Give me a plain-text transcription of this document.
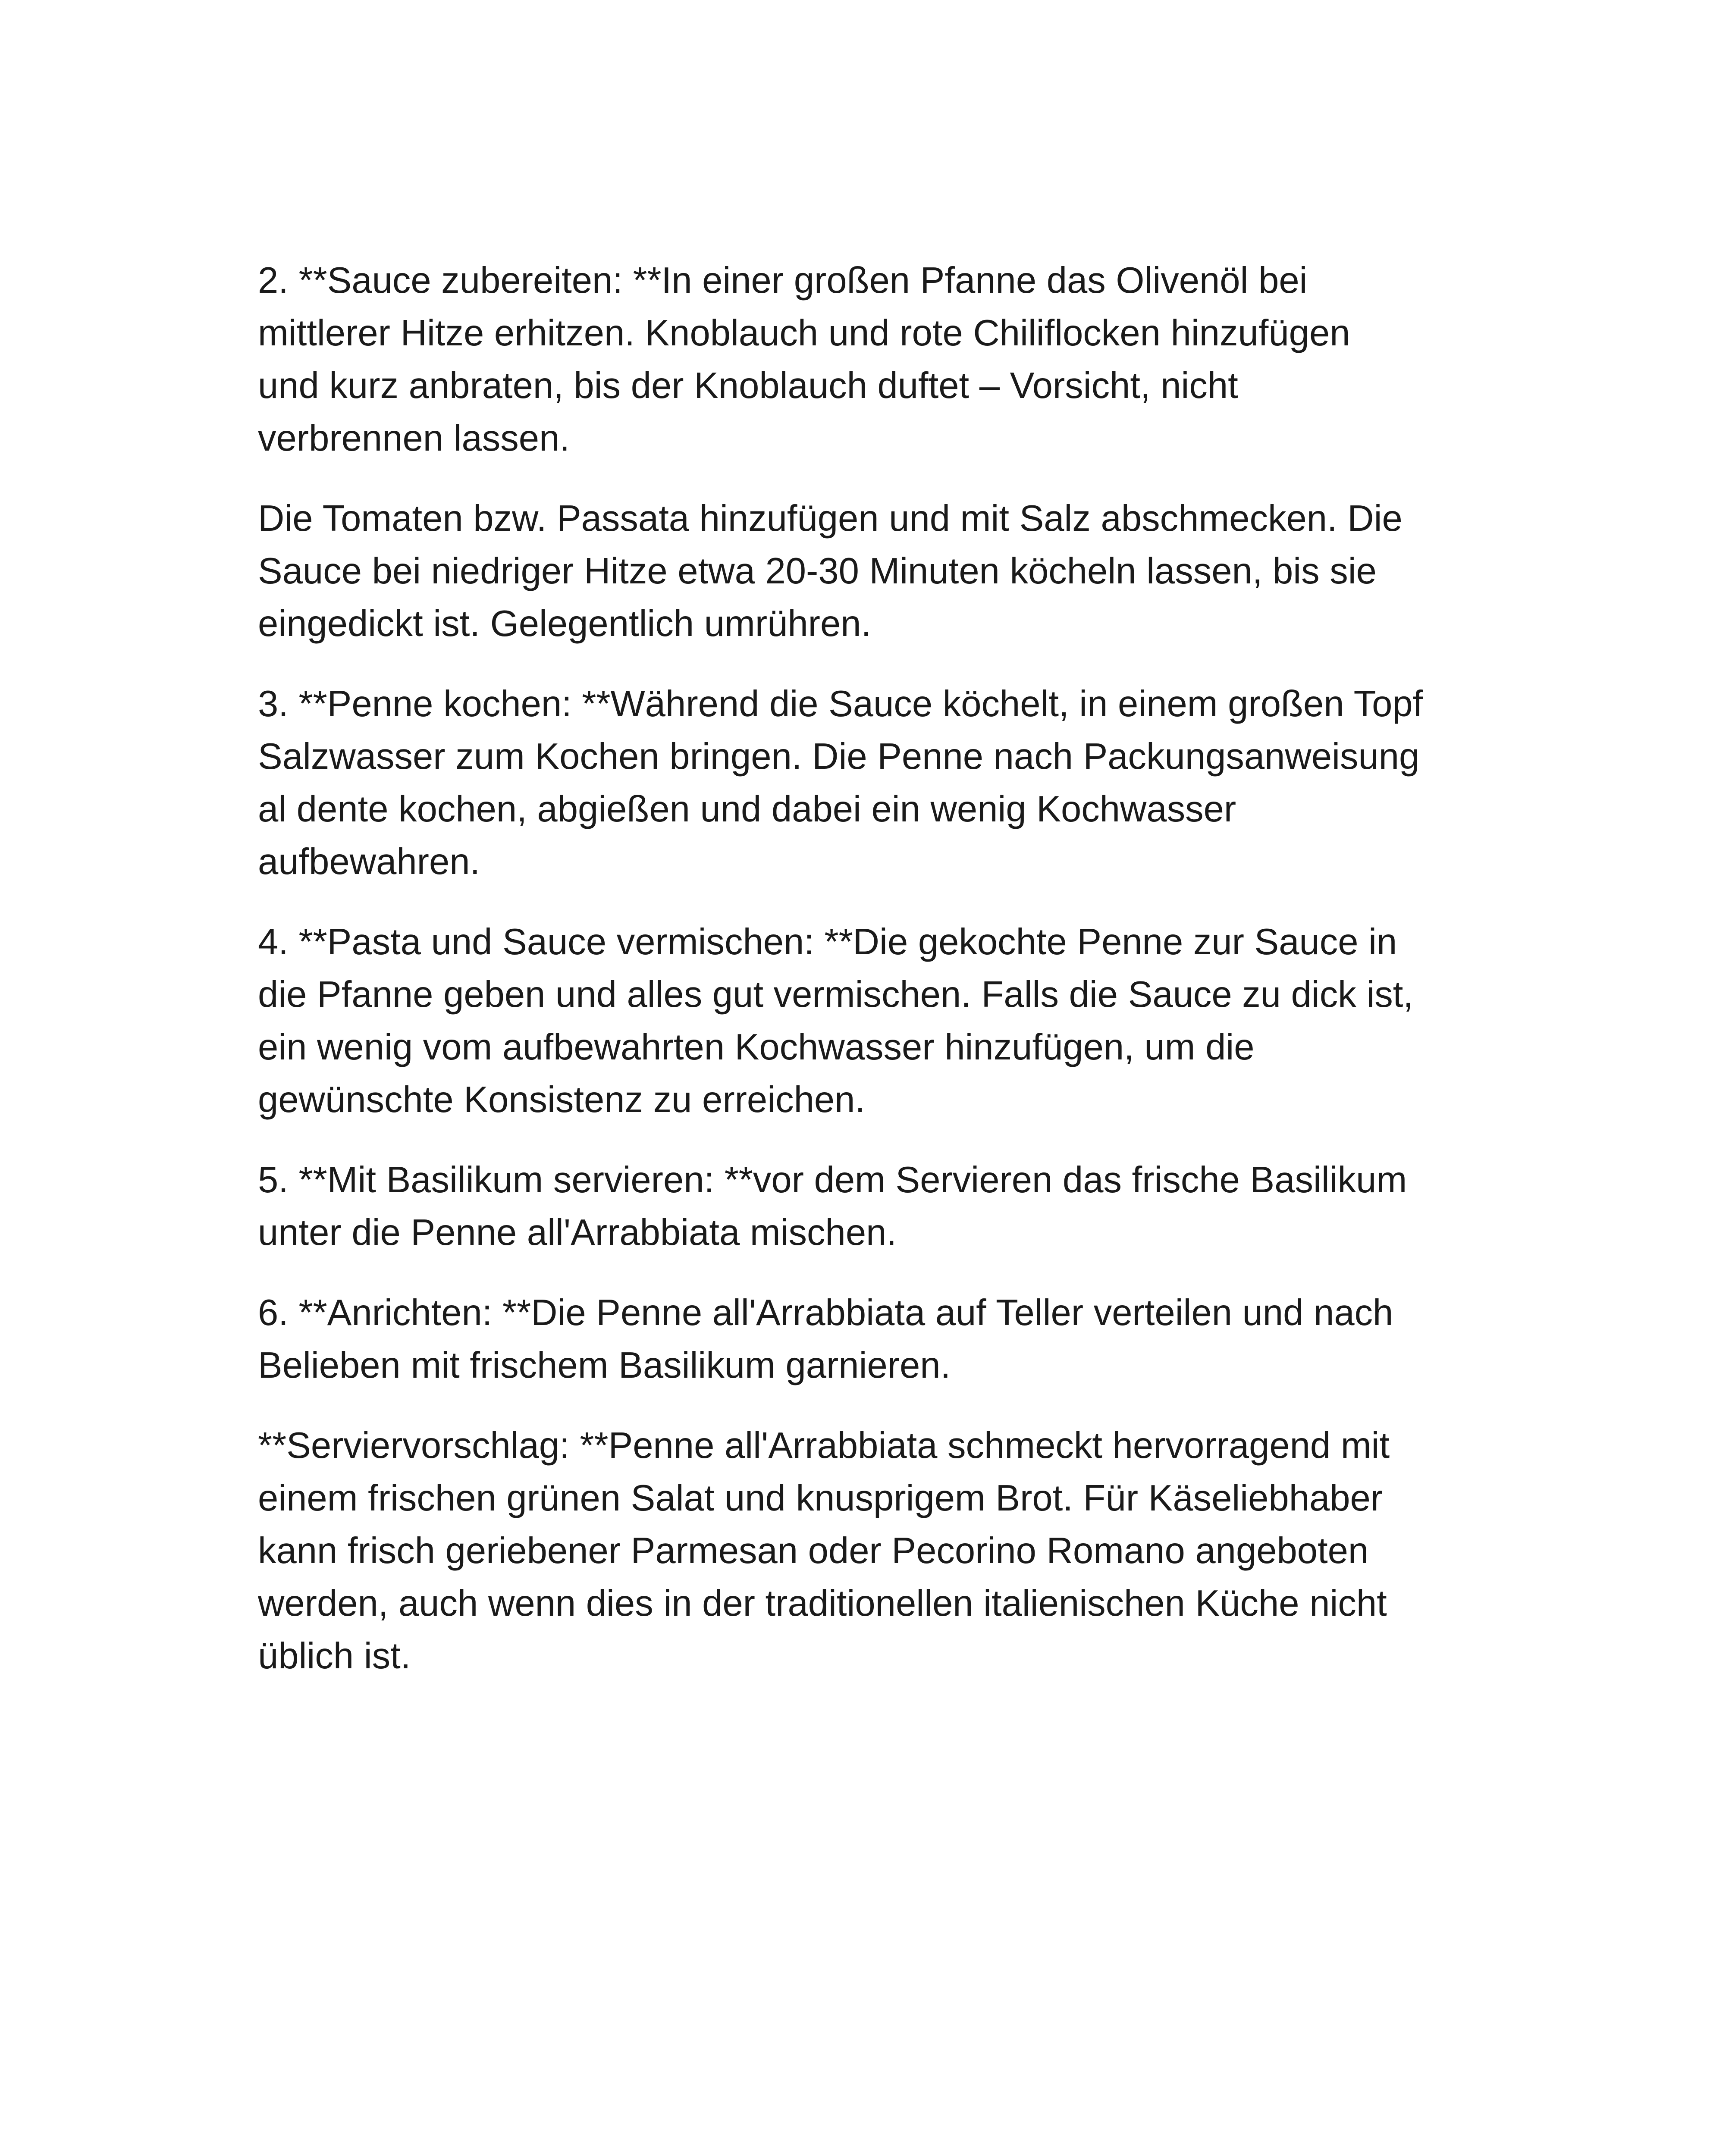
2. **Sauce zubereiten: **In einer großen Pfanne das Olivenöl bei
mittlerer Hitze erhitzen. Knoblauch und rote Chiliflocken hinzufügen
und kurz anbraten, bis der Knoblauch duftet – Vorsicht, nicht
verbrennen lassen.

Die Tomaten bzw. Passata hinzufügen und mit Salz abschmecken. Die
Sauce bei niedriger Hitze etwa 20-30 Minuten köcheln lassen, bis sie
eingedickt ist. Gelegentlich umrühren.

3. **Penne kochen: **Während die Sauce köchelt, in einem großen Topf
Salzwasser zum Kochen bringen. Die Penne nach Packungsanweisung
al dente kochen, abgießen und dabei ein wenig Kochwasser
aufbewahren.

4. **Pasta und Sauce vermischen: **Die gekochte Penne zur Sauce in
die Pfanne geben und alles gut vermischen. Falls die Sauce zu dick ist,
ein wenig vom aufbewahrten Kochwasser hinzufügen, um die
gewünschte Konsistenz zu erreichen.

5. **Mit Basilikum servieren: **vor dem Servieren das frische Basilikum
unter die Penne all'Arrabbiata mischen.

6. **Anrichten: **Die Penne all'Arrabbiata auf Teller verteilen und nach
Belieben mit frischem Basilikum garnieren.

**Serviervorschlag: **Penne all'Arrabbiata schmeckt hervorragend mit
einem frischen grünen Salat und knusprigem Brot. Für Käseliebhaber
kann frisch geriebener Parmesan oder Pecorino Romano angeboten
werden, auch wenn dies in der traditionellen italienischen Küche nicht
üblich ist.
